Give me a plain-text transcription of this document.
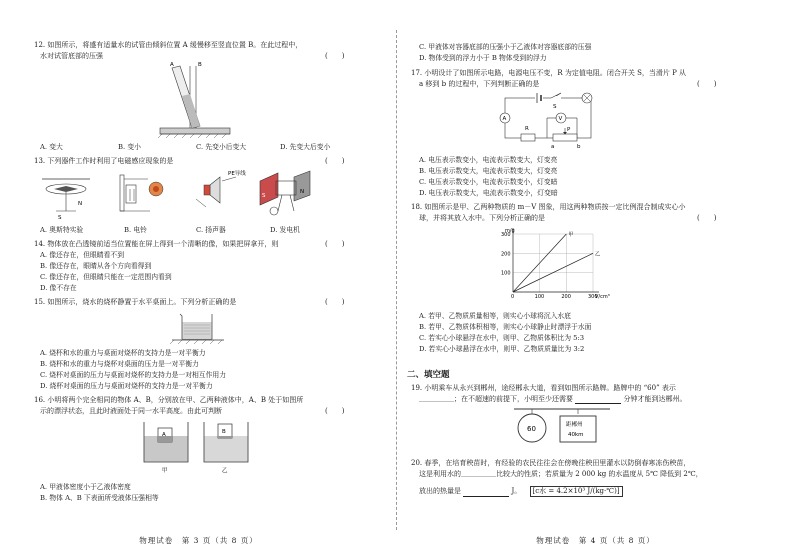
12. 如图所示，将盛有适量水的试管由倾斜位置 A 缓慢移至竖直位置 B。在此过程中，
水对试管底部的压强	(　　)
A	B
A. 变大	B. 变小	C. 先变小后变大	D. 先变大后变小
13. 下列器件工作时利用了电磁感应现象的是	(　　)
S
N
PE导线
S
N
A. 奥斯特实验	B. 电铃	C. 扬声器	D. 发电机
14. 物体放在凸透镜前适当位置能在屏上得到一个清晰的像，如果把屏拿开，则	(　　)
A. 像还存在，但眼睛看不到
B. 像还存在，眼睛从各个方向看得到
C. 像还存在，但眼睛只能在一定范围内看到
D. 像不存在
15. 如图所示，烧水的烧杯静置于水平桌面上。下列分析正确的是	(　　)
A. 烧杯和水的重力与桌面对烧杯的支持力是一对平衡力
B. 烧杯和水的重力与烧杯对桌面的压力是一对平衡力
C. 烧杯对桌面的压力与桌面对烧杯的支持力是一对相互作用力
D. 烧杯对桌面的压力与桌面对烧杯的支持力是一对平衡力
16. 小明将两个完全相同的物体 A、B，分别放在甲、乙两种液体中，A、B 处于如图所
示的漂浮状态，且此时液面处于同一水平高度。由此可判断	(　　)
A	B
甲	乙
A. 甲液体密度小于乙液体密度
B. 物体 A、B 下表面所受液体压强相等
物理试卷　第 3 页（共 8 页）
C. 甲液体对容器底部的压强小于乙液体对容器底部的压强
D. 物体受到的浮力小于 B 物体受到的浮力
17. 小明设计了如图所示电路，电源电压不变，R 为定值电阻。闭合开关 S，当滑片 P 从
a 移到 b 的过程中，下列判断正确的是	(　　)
S
A
R
V
P
a	b
A. 电压表示数变小，电流表示数变大，灯变亮
B. 电压表示数变大，电流表示数变大，灯变亮
C. 电压表示数变小，电流表示数变小，灯变暗
D. 电压表示数变大，电流表示数变小，灯变暗
18. 如图所示是甲、乙两种物质的 m－V 图象，用这两种物质按一定比例混合制成实心小
球，并将其放入水中。下列分析正确的是	(　　)
0	100	200	300
100
200
300
V/cm³
m/g
甲
乙
A. 若甲、乙物质质量相等，则实心小球将沉入水底
B. 若甲、乙物质体积相等，则实心小球静止时漂浮于水面
C. 若实心小球悬浮在水中，则甲、乙物质体积比为 5:3
D. 若实心小球悬浮在水中，则甲、乙物质质量比为 3:2
二、填空题
19. 小明乘车从永兴到郴州，途经郴永大道，看到如图所示路牌。路牌中的 “60” 表示
＿＿＿＿＿；在不超速的前提下，小明至少还需要	分钟才能到达郴州。
60	距郴州
40km
20. 春季，在培育秧苗时，有经验的农民往往会在傍晚往秧田里灌水以防倒春寒冻伤秧苗，
这是利用水的＿＿＿＿＿比较大的性质；若质量为 2 000 kg 的水温度从 5℃ 降低到 2℃，
放出的热量是	J。 [c水 = 4.2×10³ J/(kg·℃)]
物理试卷　第 4 页（共 8 页）
